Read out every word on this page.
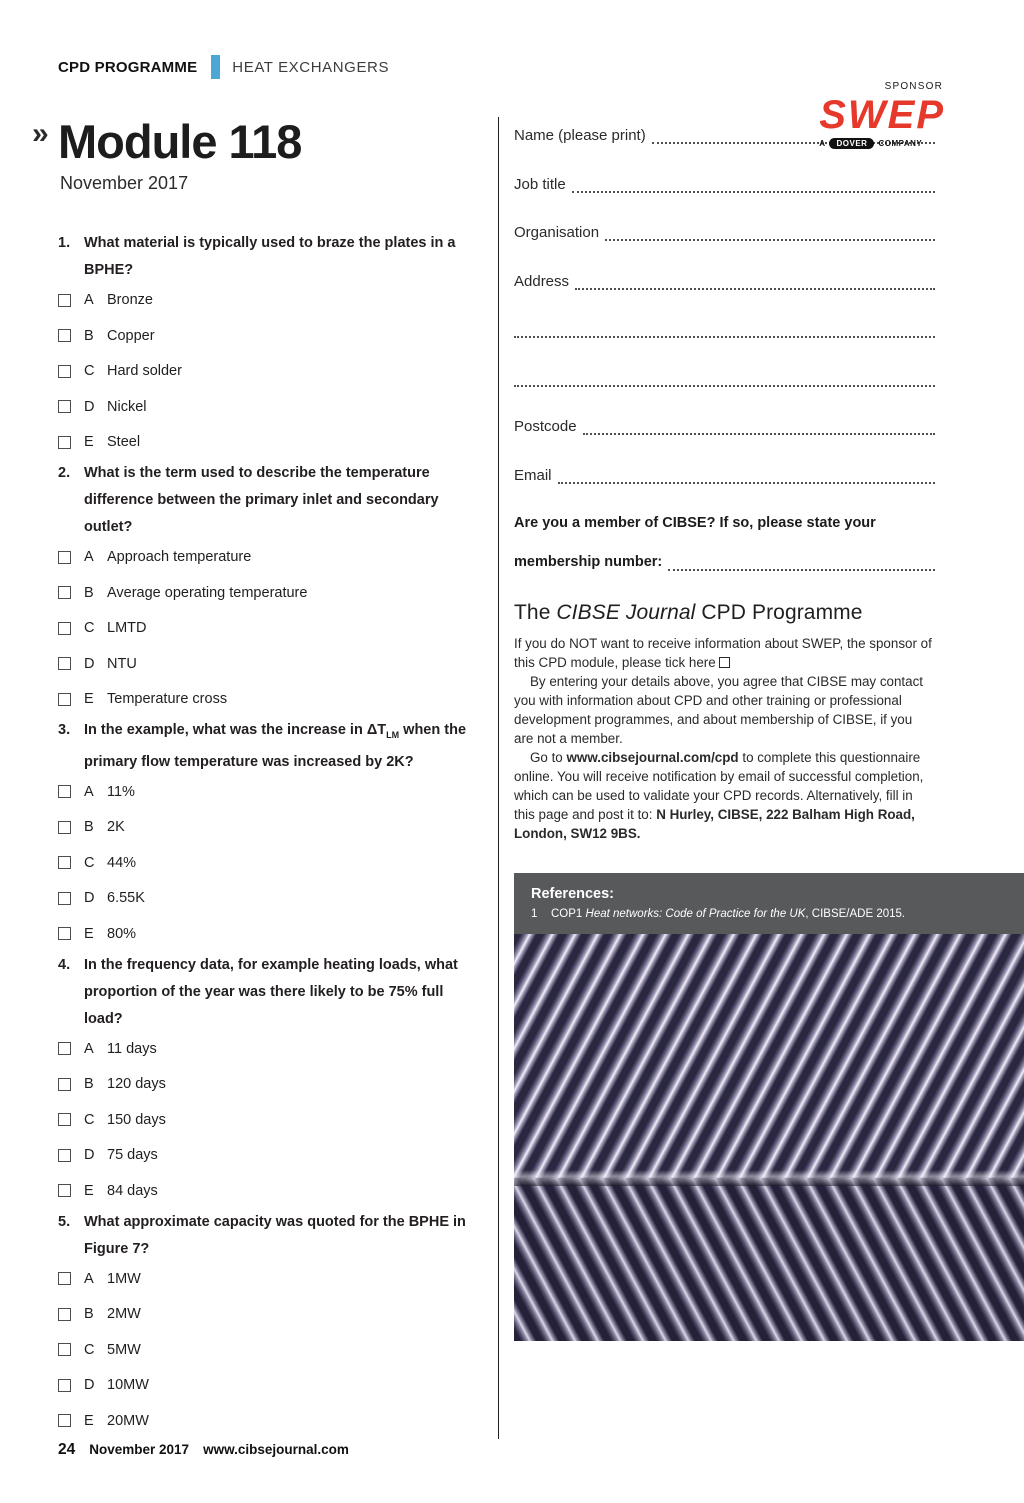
CPD PROGRAMME HEAT EXCHANGERS
SPONSOR
SWEP
A	DOVER	COMPANY
» Module 118
November 2017
1. What material is typically used to braze the plates in a BPHE?
A Bronze
B Copper
C Hard solder
D Nickel
E Steel
2. What is the term used to describe the temperature difference between the primary inlet and secondary outlet?
A Approach temperature
B Average operating temperature
C LMTD
D NTU
E Temperature cross
3. In the example, what was the increase in $\Delta T_{LM}$ when the primary flow temperature was increased by 2K?
A 11%
B 2K
C 44%
D 6.55K
E 80%
4. In the frequency data, for example heating loads, what proportion of the year was there likely to be 75% full load?
A 11 days
B 120 days
C 150 days
D 75 days
E 84 days
5. What approximate capacity was quoted for the BPHE in Figure 7?
A 1MW
B 2MW
C 5MW
D 10MW
E 20MW
Name (please print)
Job title
Organisation
Address
Postcode
Email
Are you a member of CIBSE? If so, please state your
membership number:
The CIBSE Journal CPD Programme
If you do NOT want to receive information about SWEP, the sponsor of this CPD module, please tick here
By entering your details above, you agree that CIBSE may contact you with information about CPD and other training or professional development programmes, and about membership of CIBSE, if you are not a member.
Go to www.cibsejournal.com/cpd to complete this questionnaire online. You will receive notification by email of successful completion, which can be used to validate your CPD records. Alternatively, fill in this page and post it to: N Hurley, CIBSE, 222 Balham High Road, London, SW12 9BS.
References:
1	COP1 Heat networks: Code of Practice for the UK, CIBSE/ADE 2015.
24 November 2017 www.cibsejournal.com
